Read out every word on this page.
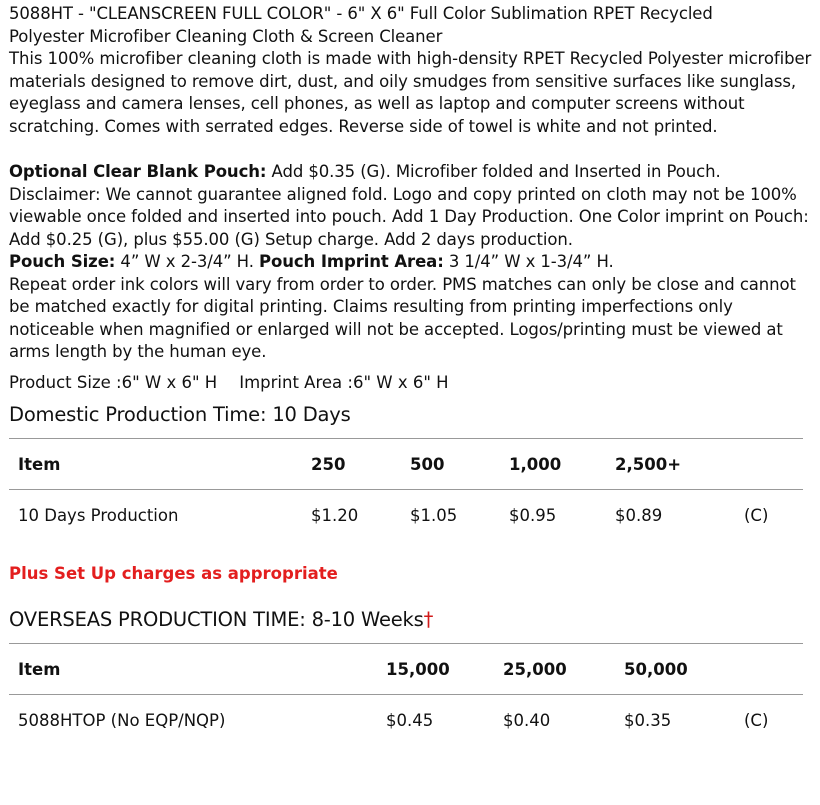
5088HT - "CLEANSCREEN FULL COLOR" - 6" X 6" Full Color Sublimation RPET Recycled
Polyester Microfiber Cleaning Cloth & Screen Cleaner

This 100% microfiber cleaning cloth is made with high-density RPET Recycled Polyester microfiber materials designed to remove dirt, dust, and oily smudges from sensitive surfaces like sunglass, eyeglass and camera lenses, cell phones, as well as laptop and computer screens without scratching. Comes with serrated edges. Reverse side of towel is white and not printed.

Optional Clear Blank Pouch: Add $0.35 (G). Microfiber folded and Inserted in Pouch. Disclaimer: We cannot guarantee aligned fold. Logo and copy printed on cloth may not be 100% viewable once folded and inserted into pouch. Add 1 Day Production. One Color imprint on Pouch: Add $0.25 (G), plus $55.00 (G) Setup charge. Add 2 days production.
Pouch Size: 4” W x 2-3/4” H. Pouch Imprint Area: 3 1/4” W x 1-3/4” H.
Repeat order ink colors will vary from order to order. PMS matches can only be close and cannot be matched exactly for digital printing. Claims resulting from printing imperfections only noticeable when magnified or enlarged will not be accepted. Logos/printing must be viewed at arms length by the human eye.

Product Size :6" W x 6" H Imprint Area :6" W x 6" H

Domestic Production Time: 10 Days
Item	250	500	1,000	2,500+	
10 Days Production	$1.20	$1.05	$0.95	$0.89	(C)

Plus Set Up charges as appropriate

OVERSEAS PRODUCTION TIME: 8-10 Weeks†
Item	15,000	25,000	50,000	
5088HTOP (No EQP/NQP)	$0.45	$0.40	$0.35	(C)
